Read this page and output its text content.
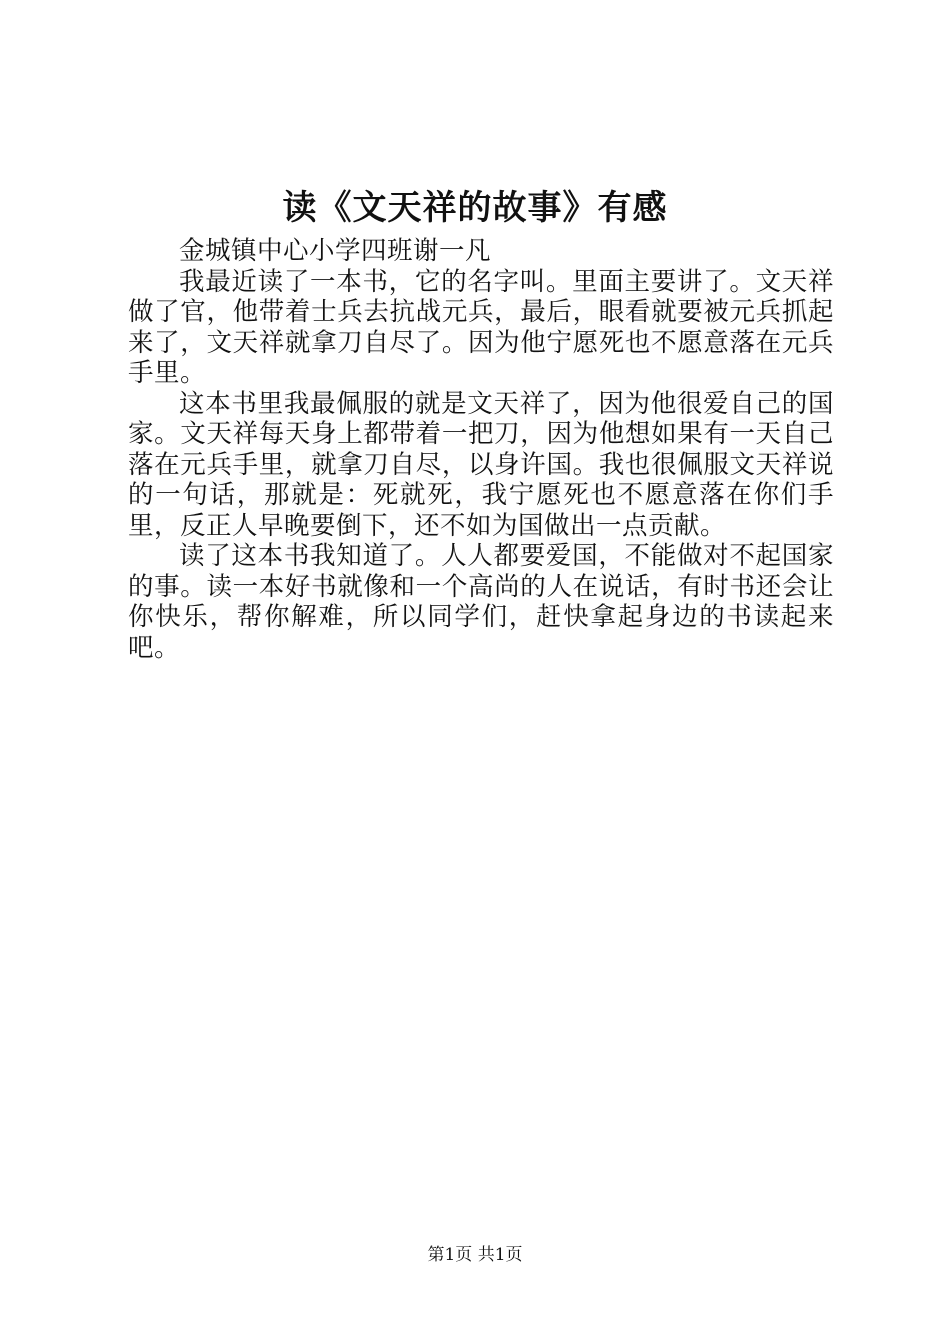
读《文天祥的故事》有感

金城镇中心小学四班谢一凡

我最近读了一本书，它的名字叫。里面主要讲了。文天祥做了官，他带着士兵去抗战元兵，最后，眼看就要被元兵抓起来了，文天祥就拿刀自尽了。因为他宁愿死也不愿意落在元兵手里。

这本书里我最佩服的就是文天祥了，因为他很爱自己的国家。文天祥每天身上都带着一把刀，因为他想如果有一天自己落在元兵手里，就拿刀自尽，以身许国。我也很佩服文天祥说的一句话，那就是：死就死，我宁愿死也不愿意落在你们手里，反正人早晚要倒下，还不如为国做出一点贡献。

读了这本书我知道了。人人都要爱国，不能做对不起国家的事。读一本好书就像和一个高尚的人在说话，有时书还会让你快乐，帮你解难，所以同学们，赶快拿起身边的书读起来吧。

第1页 共1页
